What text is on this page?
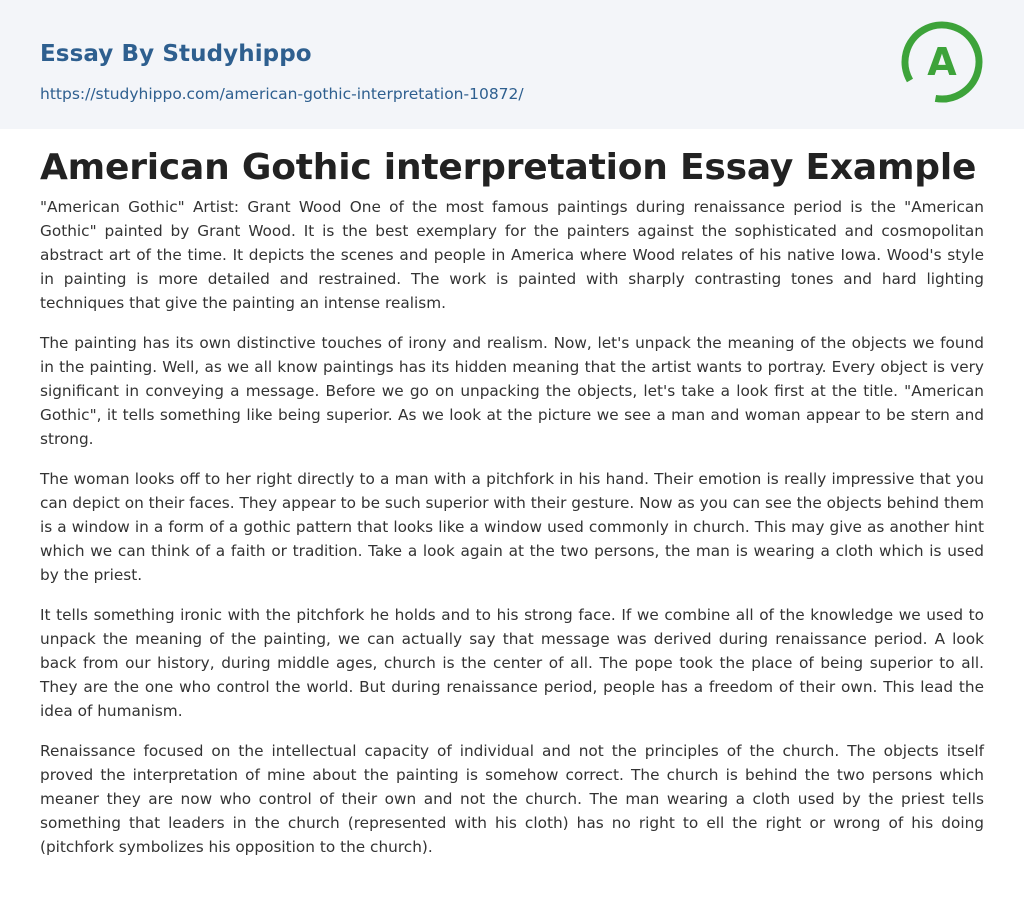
Essay By Studyhippo
https://studyhippo.com/american-gothic-interpretation-10872/
A
American Gothic interpretation Essay Example

"American Gothic" Artist: Grant Wood One of the most famous paintings during renaissance period is the "American Gothic" painted by Grant Wood. It is the best exemplary for the painters against the sophisticated and cosmopolitan abstract art of the time. It depicts the scenes and people in America where Wood relates of his native Iowa. Wood's style in painting is more detailed and restrained. The work is painted with sharply contrasting tones and hard lighting techniques that give the painting an intense realism.

The painting has its own distinctive touches of irony and realism. Now, let's unpack the meaning of the objects we found in the painting. Well, as we all know paintings has its hidden meaning that the artist wants to portray. Every object is very significant in conveying a message. Before we go on unpacking the objects, let's take a look first at the title. "American Gothic", it tells something like being superior. As we look at the picture we see a man and woman appear to be stern and strong.

The woman looks off to her right directly to a man with a pitchfork in his hand. Their emotion is really impressive that you can depict on their faces. They appear to be such superior with their gesture. Now as you can see the objects behind them is a window in a form of a gothic pattern that looks like a window used commonly in church. This may give as another hint which we can think of a faith or tradition. Take a look again at the two persons, the man is wearing a cloth which is used by the priest.

It tells something ironic with the pitchfork he holds and to his strong face. If we combine all of the knowledge we used to unpack the meaning of the painting, we can actually say that message was derived during renaissance period. A look back from our history, during middle ages, church is the center of all. The pope took the place of being superior to all. They are the one who control the world. But during renaissance period, people has a freedom of their own. This lead the idea of humanism.

Renaissance focused on the intellectual capacity of individual and not the principles of the church. The objects itself proved the interpretation of mine about the painting is somehow correct. The church is behind the two persons which meaner they are now who control of their own and not the church. The man wearing a cloth used by the priest tells something that leaders in the church (represented with his cloth) has no right to ell the right or wrong of his doing (pitchfork symbolizes his opposition to the church).
